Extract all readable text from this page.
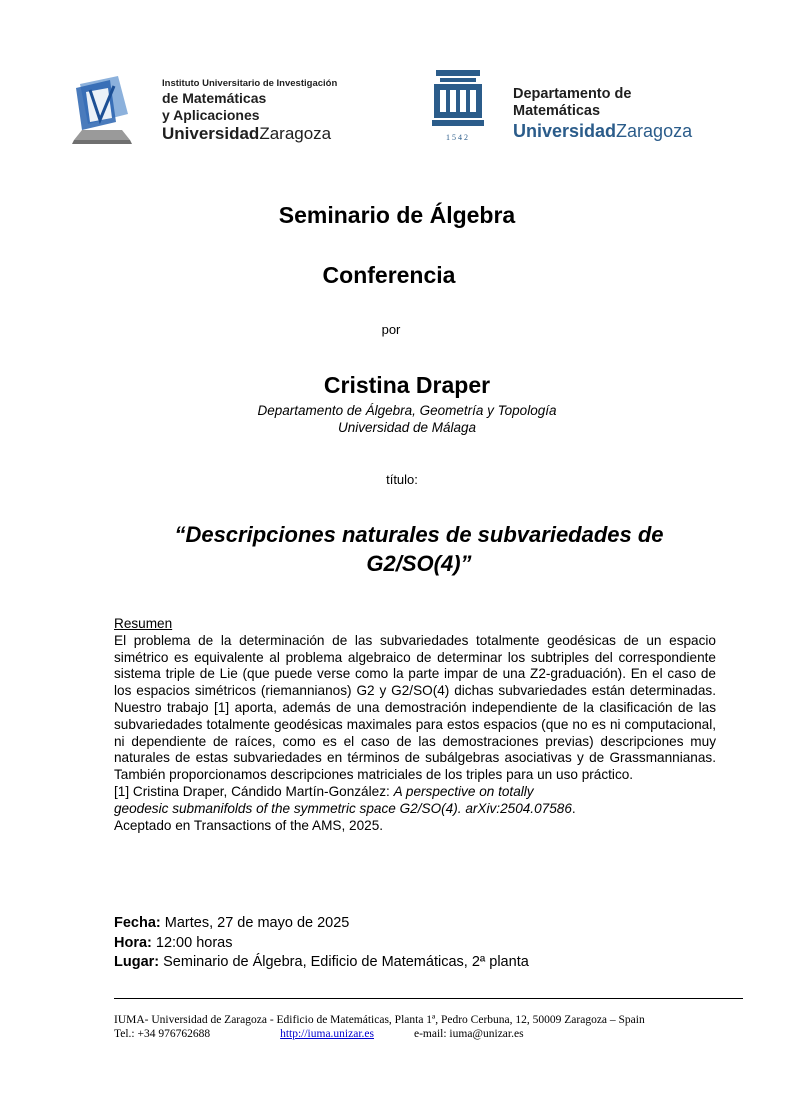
Instituto Universitario de Investigación
de Matemáticas
y Aplicaciones
UniversidadZaragoza	1542
Departamento de
Matemáticas
UniversidadZaragoza
Seminario de Álgebra
Conferencia
por
Cristina Draper
Departamento de Álgebra, Geometría y Topología
Universidad de Málaga
título:
“Descripciones naturales de subvariedades de
G2/SO(4)”
Resumen
El problema de la determinación de las subvariedades totalmente geodésicas de un espacio simétrico es equivalente al problema algebraico de determinar los subtriples del correspondiente sistema triple de Lie (que puede verse como la parte impar de una Z2-graduación). En el caso de los espacios simétricos (riemannianos) G2 y G2/SO(4) dichas subvariedades están determinadas. Nuestro trabajo [1] aporta, además de una demostración independiente de la clasificación de las subvariedades totalmente geodésicas maximales para estos espacios (que no es ni computacional, ni dependiente de raíces, como es el caso de las demostraciones previas) descripciones muy naturales de estas subvariedades en términos de subálgebras asociativas y de Grassmannianas. También proporcionamos descripciones matriciales de los triples para un uso práctico.
[1] Cristina Draper, Cándido Martín-González: A perspective on totally
geodesic submanifolds of the symmetric space G2/SO(4). arXiv:2504.07586.
Aceptado en Transactions of the AMS, 2025.
Fecha: Martes, 27 de mayo de 2025
Hora: 12:00 horas
Lugar: Seminario de Álgebra, Edificio de Matemáticas, 2ª planta
IUMA- Universidad de Zaragoza - Edificio de Matemáticas, Planta 1ª, Pedro Cerbuna, 12, 50009 Zaragoza – Spain
Tel.: +34 976762688	http://iuma.unizar.es	e-mail: iuma@unizar.es
